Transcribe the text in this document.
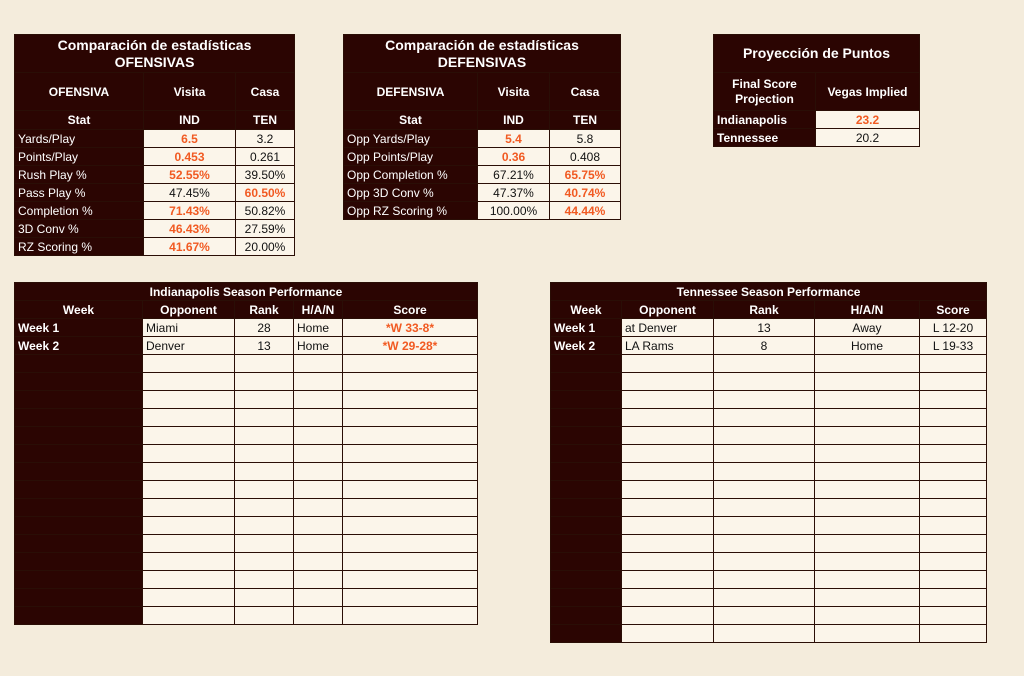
Comparación de estadísticas
OFENSIVAS		
OFENSIVA	Visita	Casa
Stat	IND	TEN
Yards/Play	6.5	3.2
Points/Play	0.453	0.261
Rush Play %	52.55%	39.50%
Pass Play %	47.45%	60.50%
Completion %	71.43%	50.82%
3D Conv %	46.43%	27.59%
RZ Scoring %	41.67%	20.00%
Comparación de estadísticas
DEFENSIVAS		
DEFENSIVA	Visita	Casa
Stat	IND	TEN
Opp Yards/Play	5.4	5.8
Opp Points/Play	0.36	0.408
Opp Completion %	67.21%	65.75%
Opp 3D Conv %	47.37%	40.74%
Opp RZ Scoring %	100.00%	44.44%
Proyección de Puntos	
Final Score
Projection	Vegas Implied
Indianapolis	23.2
Tennessee	20.2
Indianapolis Season Performance				
Week	Opponent	Rank	H/A/N	Score
Week 1	Miami	28	Home	*W 33-8*
Week 2	Denver	13	Home	*W 29-28*

Tennessee Season Performance				
Week	Opponent	Rank	H/A/N	Score
Week 1	at Denver	13	Away	L 12-20
Week 2	LA Rams	8	Home	L 19-33
